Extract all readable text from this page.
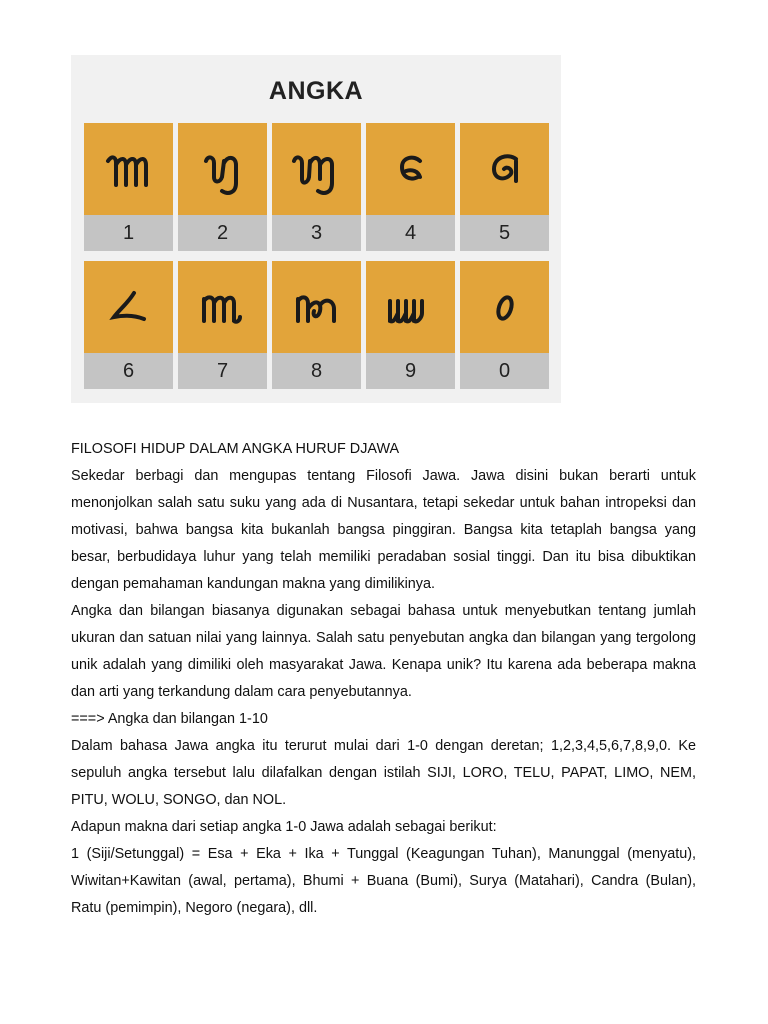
ANGKA
1	2	3	4	5
6	7	8	9	0

FILOSOFI HIDUP DALAM ANGKA HURUF DJAWA

Sekedar berbagi dan mengupas tentang Filosofi Jawa. Jawa disini bukan berarti untuk menonjolkan salah satu suku yang ada di Nusantara, tetapi sekedar untuk bahan intropeksi dan motivasi, bahwa bangsa kita bukanlah bangsa pinggiran. Bangsa kita tetaplah bangsa yang besar, berbudidaya luhur yang telah memiliki peradaban sosial tinggi. Dan itu bisa dibuktikan dengan pemahaman kandungan makna yang dimilikinya.

Angka dan bilangan biasanya digunakan sebagai bahasa untuk menyebutkan tentang jumlah ukuran dan satuan nilai yang lainnya. Salah satu penyebutan angka dan bilangan yang tergolong unik adalah yang dimiliki oleh masyarakat Jawa. Kenapa unik? Itu karena ada beberapa makna dan arti yang terkandung dalam cara penyebutannya.

===> Angka dan bilangan 1-10

Dalam bahasa Jawa angka itu terurut mulai dari 1-0 dengan deretan; 1,2,3,4,5,6,7,8,9,0. Ke sepuluh angka tersebut lalu dilafalkan dengan istilah SIJI, LORO, TELU, PAPAT, LIMO, NEM, PITU, WOLU, SONGO, dan NOL.

Adapun makna dari setiap angka 1-0 Jawa adalah sebagai berikut:

1 (Siji/Setunggal) = Esa + Eka + Ika + Tunggal (Keagungan Tuhan), Manunggal (menyatu), Wiwitan+Kawitan (awal, pertama), Bhumi + Buana (Bumi), Surya (Matahari), Candra (Bulan), Ratu (pemimpin), Negoro (negara), dll.
